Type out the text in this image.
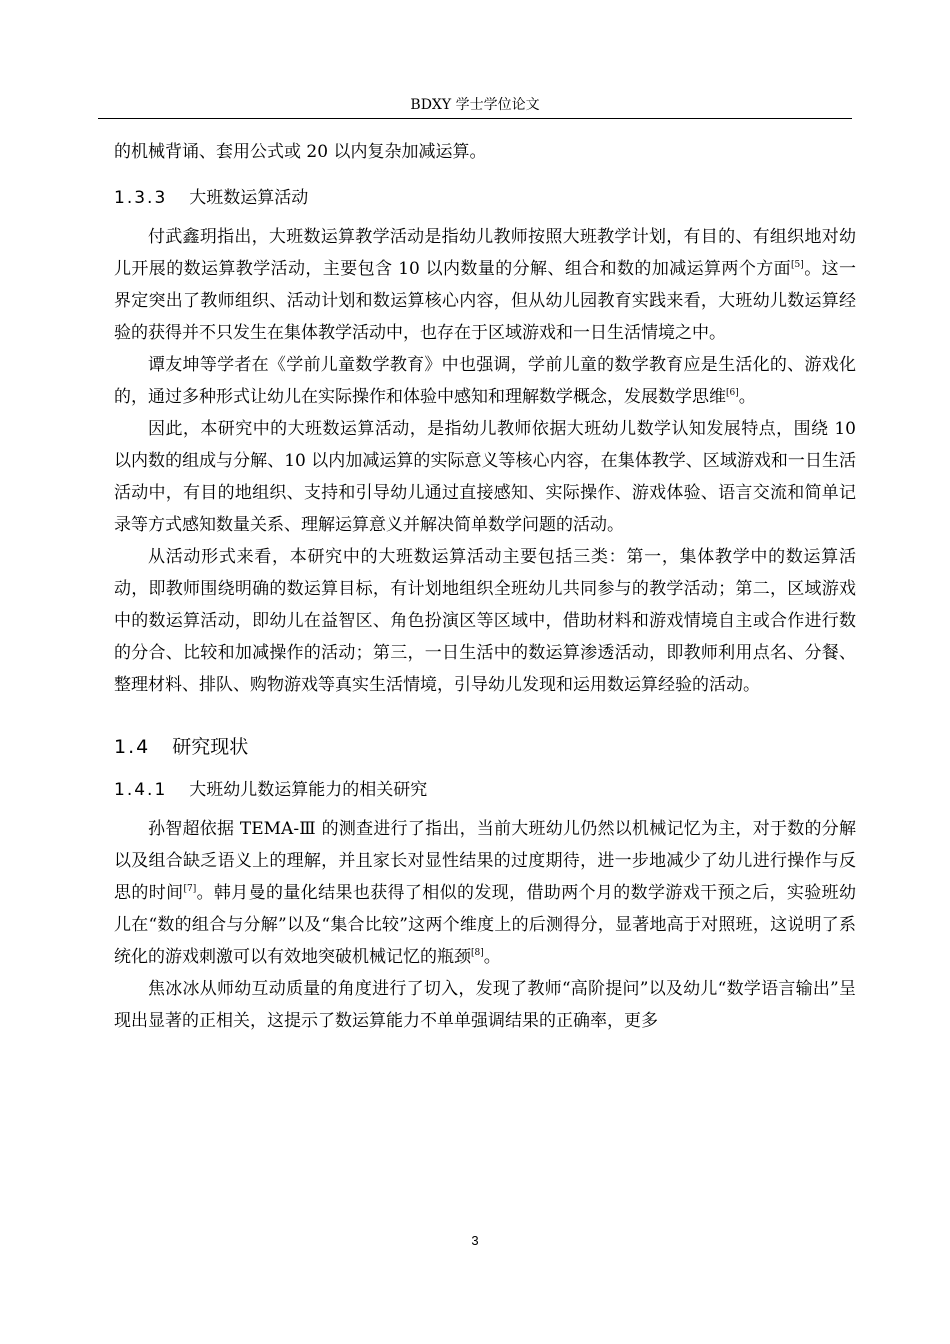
BDXY 学士学位论文

的机械背诵、套用公式或 20 以内复杂加减运算。

1.3.3 大班数运算活动

付武鑫玥指出，大班数运算教学活动是指幼儿教师按照大班教学计划，有目的、有组织地对幼儿开展的数运算教学活动，主要包含 10 以内数量的分解、组合和数的加减运算两个方面[5]。这一界定突出了教师组织、活动计划和数运算核心内容，但从幼儿园教育实践来看，大班幼儿数运算经验的获得并不只发生在集体教学活动中，也存在于区域游戏和一日生活情境之中。

谭友坤等学者在《学前儿童数学教育》中也强调，学前儿童的数学教育应是生活化的、游戏化的，通过多种形式让幼儿在实际操作和体验中感知和理解数学概念，发展数学思维[6]。

因此，本研究中的大班数运算活动，是指幼儿教师依据大班幼儿数学认知发展特点，围绕 10 以内数的组成与分解、10 以内加减运算的实际意义等核心内容，在集体教学、区域游戏和一日生活活动中，有目的地组织、支持和引导幼儿通过直接感知、实际操作、游戏体验、语言交流和简单记录等方式感知数量关系、理解运算意义并解决简单数学问题的活动。

从活动形式来看，本研究中的大班数运算活动主要包括三类：第一，集体教学中的数运算活动，即教师围绕明确的数运算目标，有计划地组织全班幼儿共同参与的教学活动；第二，区域游戏中的数运算活动，即幼儿在益智区、角色扮演区等区域中，借助材料和游戏情境自主或合作进行数的分合、比较和加减操作的活动；第三，一日生活中的数运算渗透活动，即教师利用点名、分餐、整理材料、排队、购物游戏等真实生活情境，引导幼儿发现和运用数运算经验的活动。

1.4 研究现状
1.4.1 大班幼儿数运算能力的相关研究

孙智超依据 TEMA-Ⅲ 的测查进行了指出，当前大班幼儿仍然以机械记忆为主，对于数的分解以及组合缺乏语义上的理解，并且家长对显性结果的过度期待，进一步地减少了幼儿进行操作与反思的时间[7]。韩月曼的量化结果也获得了相似的发现，借助两个月的数学游戏干预之后，实验班幼儿在“数的组合与分解”以及“集合比较”这两个维度上的后测得分，显著地高于对照班，这说明了系统化的游戏刺激可以有效地突破机械记忆的瓶颈[8]。

焦冰冰从师幼互动质量的角度进行了切入，发现了教师“高阶提问”以及幼儿“数学语言输出”呈现出显著的正相关，这提示了数运算能力不单单强调结果的正确率，更多

3
